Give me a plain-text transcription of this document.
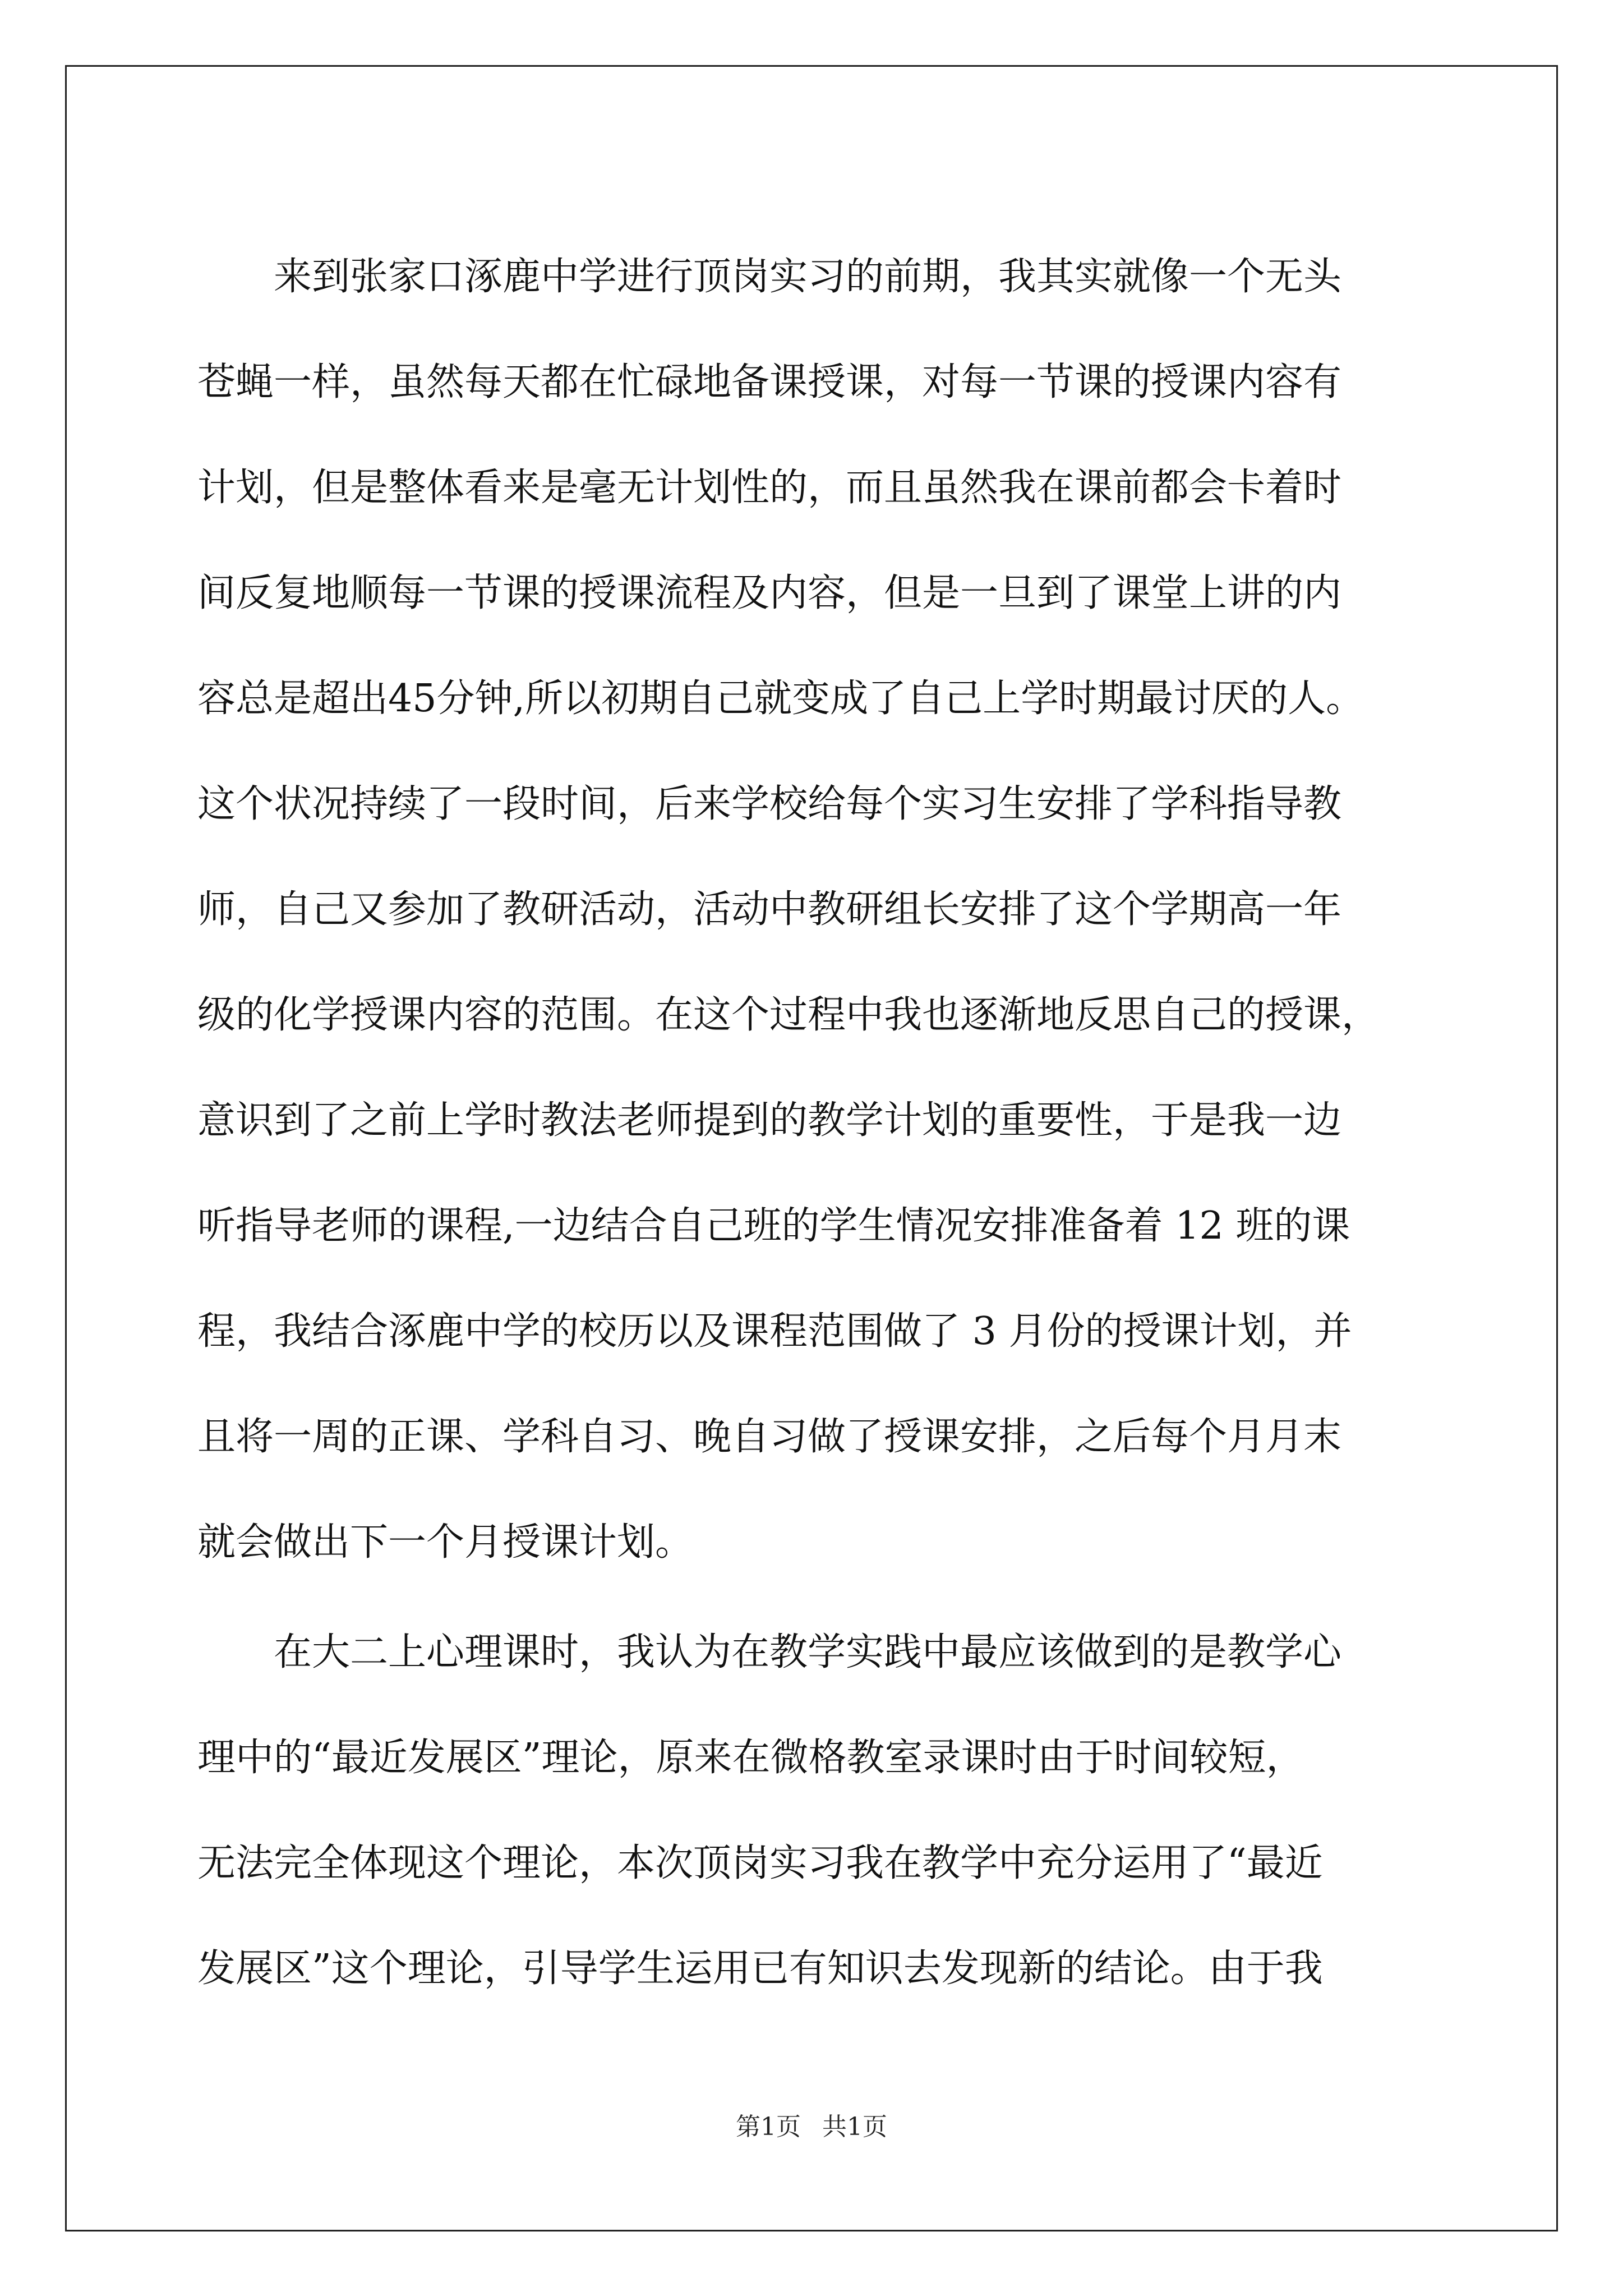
来到张家口涿鹿中学进行顶岗实习的前期，我其实就像一个无头
苍蝇一样，虽然每天都在忙碌地备课授课，对每一节课的授课内容有
计划，但是整体看来是毫无计划性的，而且虽然我在课前都会卡着时
间反复地顺每一节课的授课流程及内容，但是一旦到了课堂上讲的内
容总是超出45分钟,所以初期自己就变成了自己上学时期最讨厌的人。
这个状况持续了一段时间，后来学校给每个实习生安排了学科指导教
师，自己又参加了教研活动，活动中教研组长安排了这个学期高一年
级的化学授课内容的范围。在这个过程中我也逐渐地反思自己的授课，
意识到了之前上学时教法老师提到的教学计划的重要性，于是我一边
听指导老师的课程,一边结合自己班的学生情况安排准备着 12 班的课
程，我结合涿鹿中学的校历以及课程范围做了 3 月份的授课计划，并
且将一周的正课、学科自习、晚自习做了授课安排，之后每个月月末
就会做出下一个月授课计划。
在大二上心理课时，我认为在教学实践中最应该做到的是教学心
理中的“最近发展区”理论，原来在微格教室录课时由于时间较短，
无法完全体现这个理论，本次顶岗实习我在教学中充分运用了“最近
发展区”这个理论，引导学生运用已有知识去发现新的结论。由于我
第1页 共1页
